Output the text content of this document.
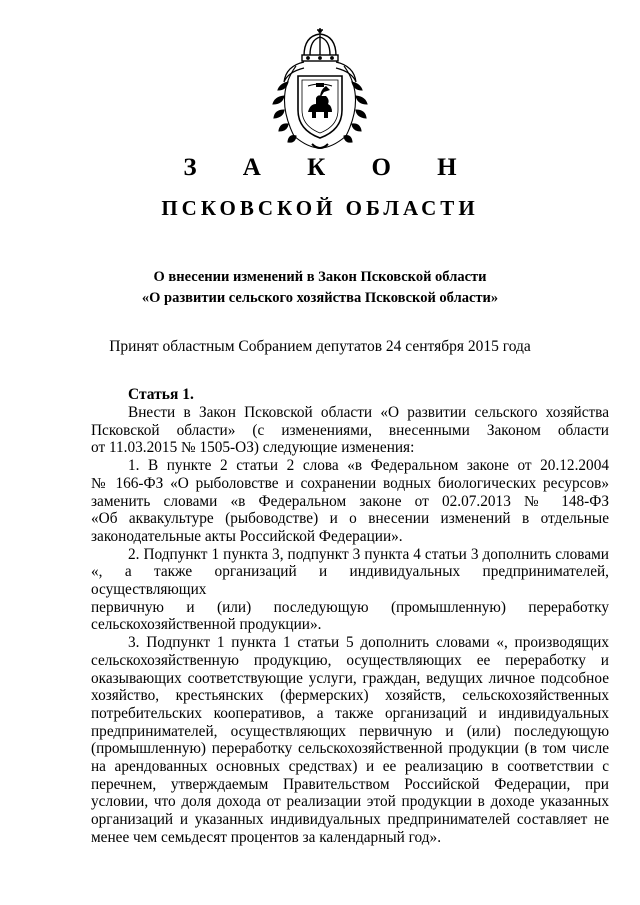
З А К О Н
ПСКОВСКОЙ ОБЛАСТИ
О внесении изменений в Закон Псковской области
«О развитии сельского хозяйства Псковской области»
Принят областным Собранием депутатов 24 сентября 2015 года
Статья 1.
Внести в Закон Псковской области «О развитии сельского хозяйства
Псковской области» (с изменениями, внесенными Законом области
от 11.03.2015 № 1505-ОЗ) следующие изменения:
1. В пункте 2 статьи 2 слова «в Федеральном законе от 20.12.2004
№ 166-ФЗ «О рыболовстве и сохранении водных биологических ресурсов»
заменить словами «в Федеральном законе от 02.07.2013 № 148-ФЗ
«Об аквакультуре (рыбоводстве) и о внесении изменений в отдельные
законодательные акты Российской Федерации».
2. Подпункт 1 пункта 3, подпункт 3 пункта 4 статьи 3 дополнить словами
«, а также организаций и индивидуальных предпринимателей, осуществляющих
первичную и (или) последующую (промышленную) переработку
сельскохозяйственной продукции».
3. Подпункт 1 пункта 1 статьи 5 дополнить словами «, производящих
сельскохозяйственную продукцию, осуществляющих ее переработку и
оказывающих соответствующие услуги, граждан, ведущих личное подсобное
хозяйство, крестьянских (фермерских) хозяйств, сельскохозяйственных
потребительских кооперативов, а также организаций и индивидуальных
предпринимателей, осуществляющих первичную и (или) последующую
(промышленную) переработку сельскохозяйственной продукции (в том числе
на арендованных основных средствах) и ее реализацию в соответствии с
перечнем, утверждаемым Правительством Российской Федерации, при
условии, что доля дохода от реализации этой продукции в доходе указанных
организаций и указанных индивидуальных предпринимателей составляет не
менее чем семьдесят процентов за календарный год».
